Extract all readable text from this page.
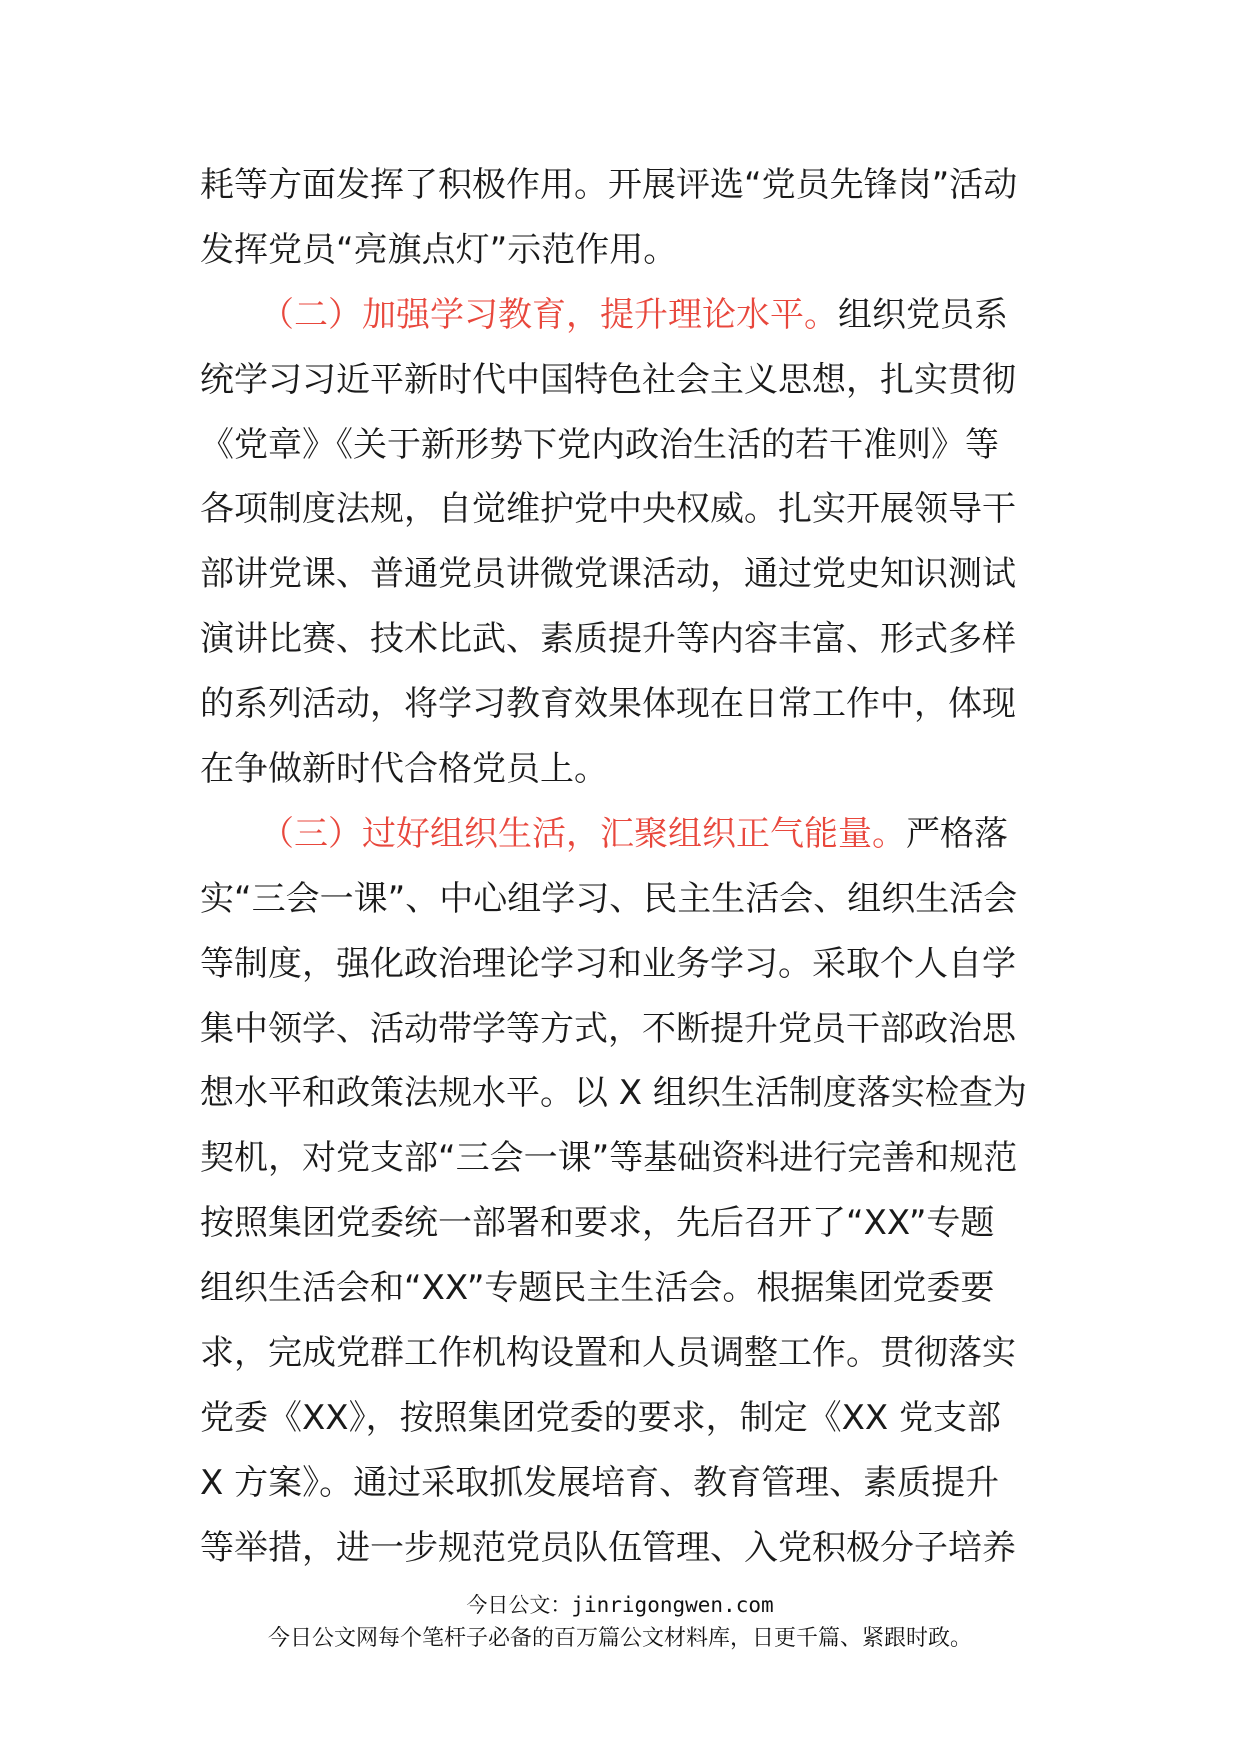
耗等方面发挥了积极作用。开展评选“党员先锋岗”活动
发挥党员“亮旗点灯”示范作用。
（二）加强学习教育，提升理论水平。组织党员系
统学习习近平新时代中国特色社会主义思想，扎实贯彻
《党章》《关于新形势下党内政治生活的若干准则》等
各项制度法规，自觉维护党中央权威。扎实开展领导干
部讲党课、普通党员讲微党课活动，通过党史知识测试
演讲比赛、技术比武、素质提升等内容丰富、形式多样
的系列活动，将学习教育效果体现在日常工作中，体现
在争做新时代合格党员上。
（三）过好组织生活，汇聚组织正气能量。严格落
实“三会一课”、中心组学习、民主生活会、组织生活会
等制度，强化政治理论学习和业务学习。采取个人自学
集中领学、活动带学等方式，不断提升党员干部政治思
想水平和政策法规水平。以 X 组织生活制度落实检查为
契机，对党支部“三会一课”等基础资料进行完善和规范
按照集团党委统一部署和要求，先后召开了“XX”专题
组织生活会和“XX”专题民主生活会。根据集团党委要
求，完成党群工作机构设置和人员调整工作。贯彻落实
党委《XX》，按照集团党委的要求，制定《XX 党支部
X 方案》。通过采取抓发展培育、教育管理、素质提升
等举措，进一步规范党员队伍管理、入党积极分子培养
今日公文：jinrigongwen.com
今日公文网每个笔杆子必备的百万篇公文材料库，日更千篇、紧跟时政。
